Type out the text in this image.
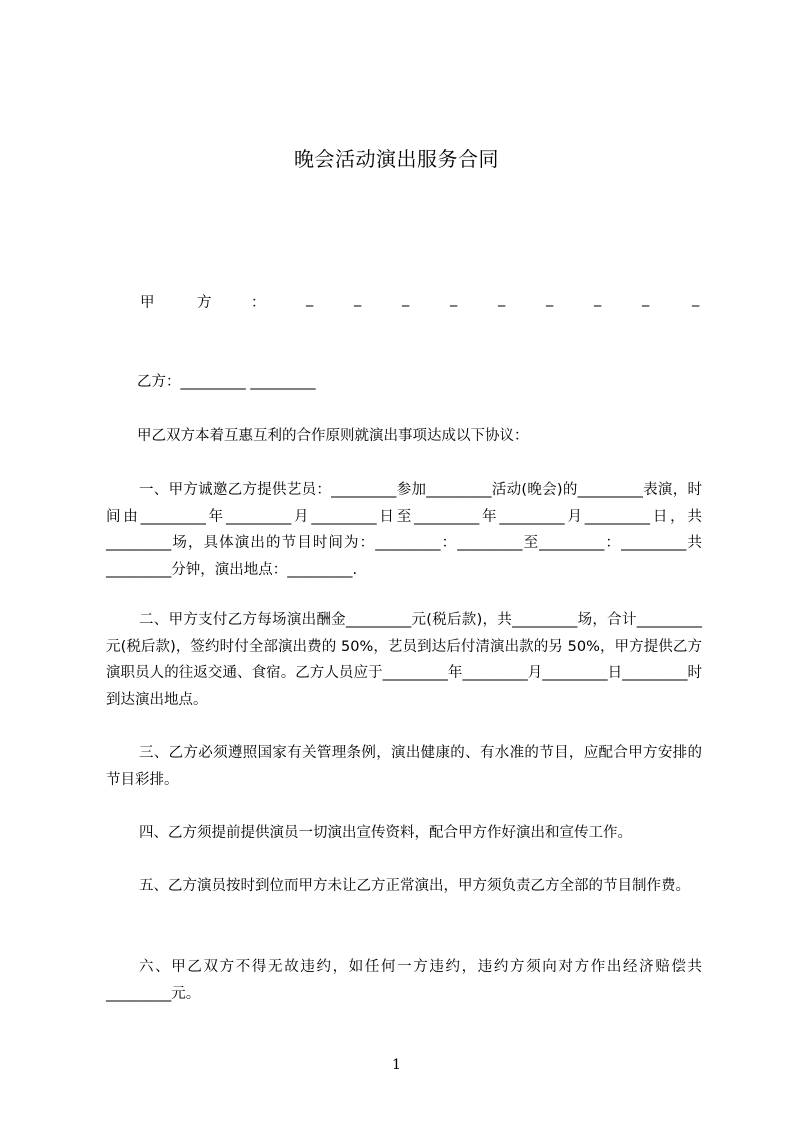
晚会活动演出服务合同
甲	方	：	_	_	_	_	_	_	_	_	_
乙方：_________ _________
甲乙双方本着互惠互利的合作原则就演出事项达成以下协议：
一、甲方诚邀乙方提供艺员：_________参加_________活动(晚会)的_________表演，时间由_________年_________月_________日至_________年_________月_________日，共_________场，具体演出的节目时间为：_________：_________至_________：_________共_________分钟，演出地点：_________.
二、甲方支付乙方每场演出酬金_________元(税后款)，共_________场，合计_________元(税后款)，签约时付全部演出费的 50%，艺员到达后付清演出款的另 50%，甲方提供乙方演职员人的往返交通、食宿。乙方人员应于_________年_________月_________日_________时到达演出地点。
三、乙方必须遵照国家有关管理条例，演出健康的、有水准的节目，应配合甲方安排的节目彩排。
四、乙方须提前提供演员一切演出宣传资料，配合甲方作好演出和宣传工作。
五、乙方演员按时到位而甲方未让乙方正常演出，甲方须负责乙方全部的节目制作费。
六、甲乙双方不得无故违约，如任何一方违约，违约方须向对方作出经济赔偿共_________元。
1
